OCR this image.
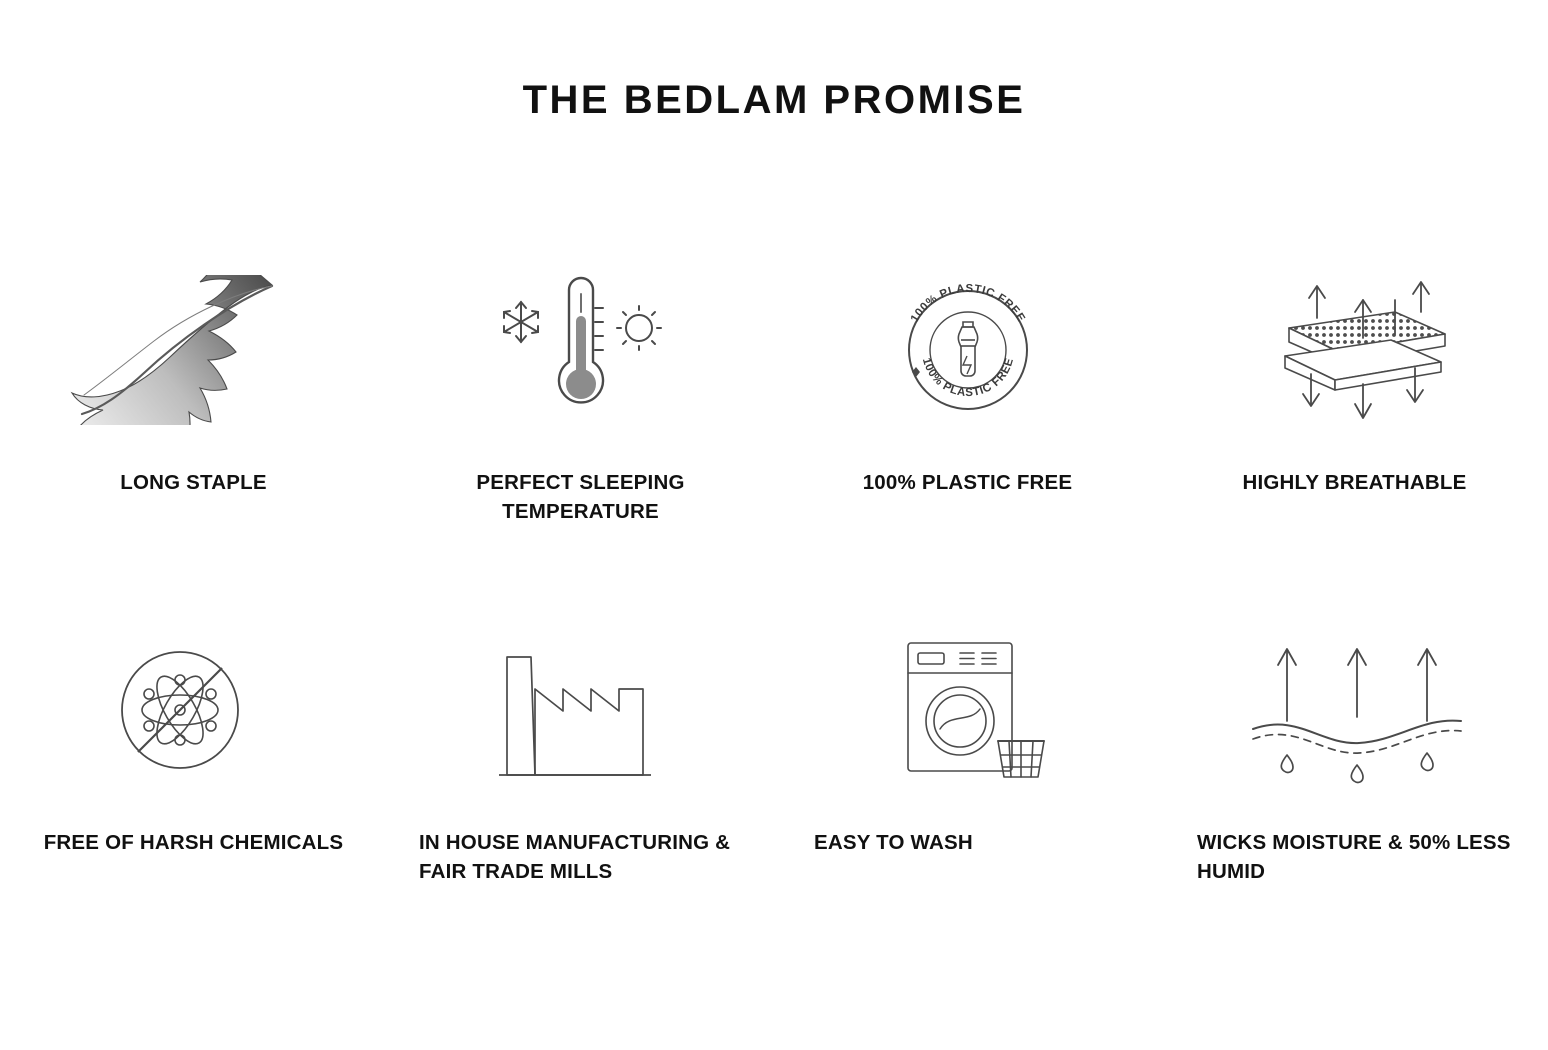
THE BEDLAM PROMISE
LONG STAPLE	PERFECT SLEEPING TEMPERATURE
100% PLASTIC FREE
100% PLASTIC FREE
100% PLASTIC FREE	HIGHLY BREATHABLE
FREE OF HARSH CHEMICALS	IN HOUSE MANUFACTURING & FAIR TRADE MILLS
EASY TO WASH	WICKS MOISTURE & 50% LESS HUMID
